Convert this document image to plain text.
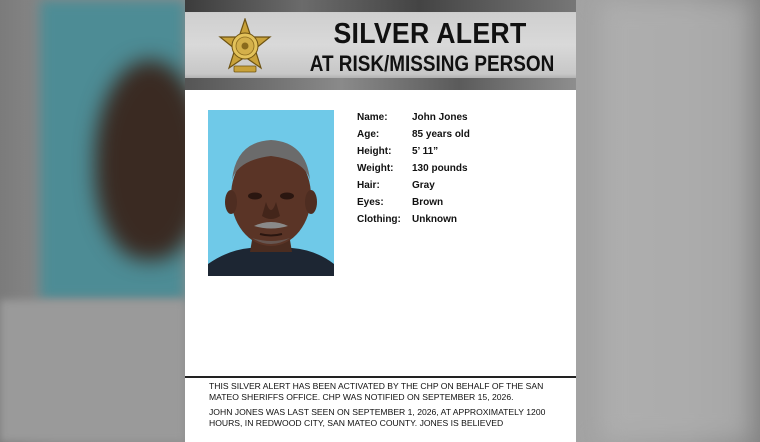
SILVER ALERT
AT RISK/MISSING PERSON
Name:	John Jones
Age:	85 years old
Height:	5’ 11”
Weight:	130 pounds
Hair:	Gray
Eyes:	Brown
Clothing:	Unknown

THIS SILVER ALERT HAS BEEN ACTIVATED BY THE CHP ON BEHALF OF THE SAN MATEO SHERIFFS OFFICE. CHP WAS NOTIFIED ON SEPTEMBER 15, 2026.

JOHN JONES WAS LAST SEEN ON SEPTEMBER 1, 2026, AT APPROXIMATELY 1200 HOURS, IN REDWOOD CITY, SAN MATEO COUNTY. JONES IS BELIEVED
